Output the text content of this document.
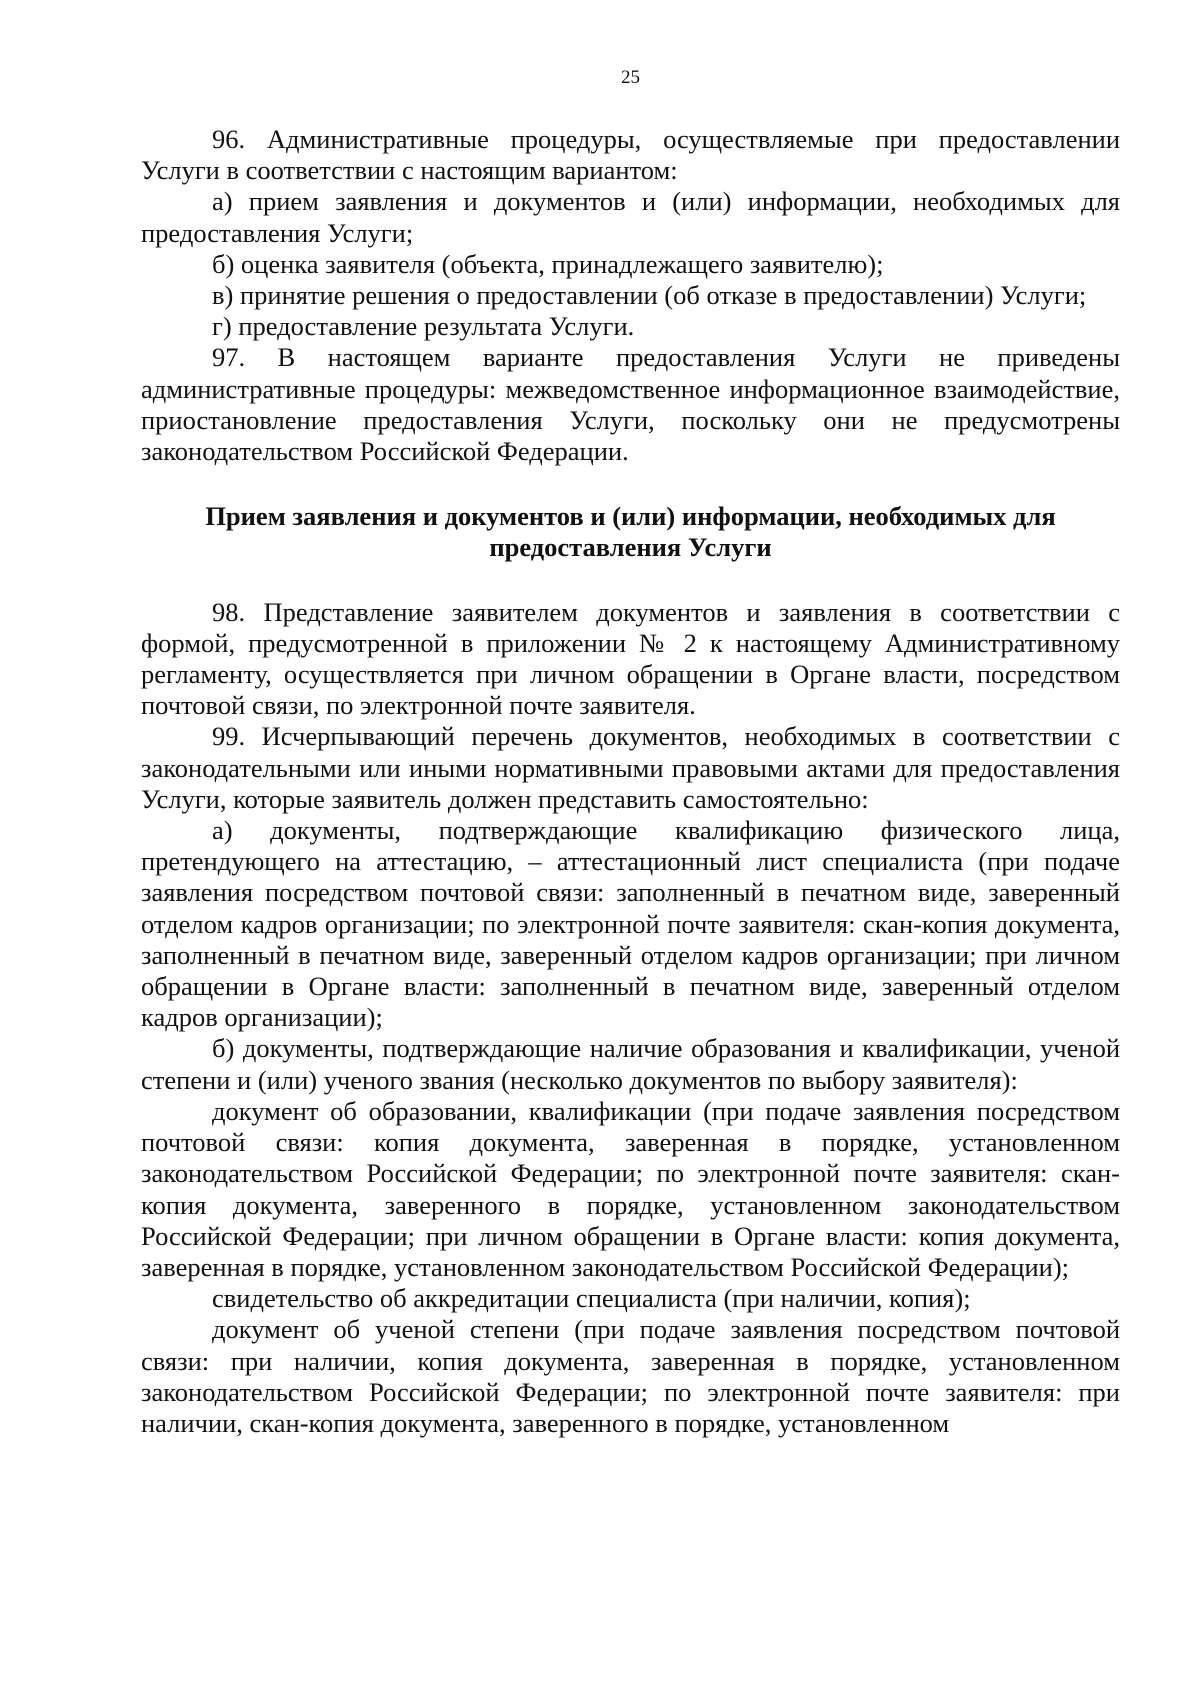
25

96. Административные процедуры, осуществляемые при предоставлении Услуги в соответствии с настоящим вариантом:

а) прием заявления и документов и (или) информации, необходимых для предоставления Услуги;

б) оценка заявителя (объекта, принадлежащего заявителю);

в) принятие решения о предоставлении (об отказе в предоставлении) Услуги;

г) предоставление результата Услуги.

97. В настоящем варианте предоставления Услуги не приведены административные процедуры: межведомственное информационное взаимодействие, приостановление предоставления Услуги, поскольку они не предусмотрены законодательством Российской Федерации.

Прием заявления и документов и (или) информации, необходимых для предоставления Услуги

98. Представление заявителем документов и заявления в соответствии с формой, предусмотренной в приложении № 2 к настоящему Административному регламенту, осуществляется при личном обращении в Органе власти, посредством почтовой связи, по электронной почте заявителя.

99. Исчерпывающий перечень документов, необходимых в соответствии с законодательными или иными нормативными правовыми актами для предоставления Услуги, которые заявитель должен представить самостоятельно:

а) документы, подтверждающие квалификацию физического лица, претендующего на аттестацию, – аттестационный лист специалиста (при подаче заявления посредством почтовой связи: заполненный в печатном виде, заверенный отделом кадров организации; по электронной почте заявителя: скан-копия документа, заполненный в печатном виде, заверенный отделом кадров организации; при личном обращении в Органе власти: заполненный в печатном виде, заверенный отделом кадров организации);

б) документы, подтверждающие наличие образования и квалификации, ученой степени и (или) ученого звания (несколько документов по выбору заявителя):

документ об образовании, квалификации (при подаче заявления посредством почтовой связи: копия документа, заверенная в порядке, установленном законодательством Российской Федерации; по электронной почте заявителя: скан-копия документа, заверенного в порядке, установленном законодательством Российской Федерации; при личном обращении в Органе власти: копия документа, заверенная в порядке, установленном законодательством Российской Федерации);

свидетельство об аккредитации специалиста (при наличии, копия);

документ об ученой степени (при подаче заявления посредством почтовой связи: при наличии, копия документа, заверенная в порядке, установленном законодательством Российской Федерации; по электронной почте заявителя: при наличии, скан-копия документа, заверенного в порядке, установленном
